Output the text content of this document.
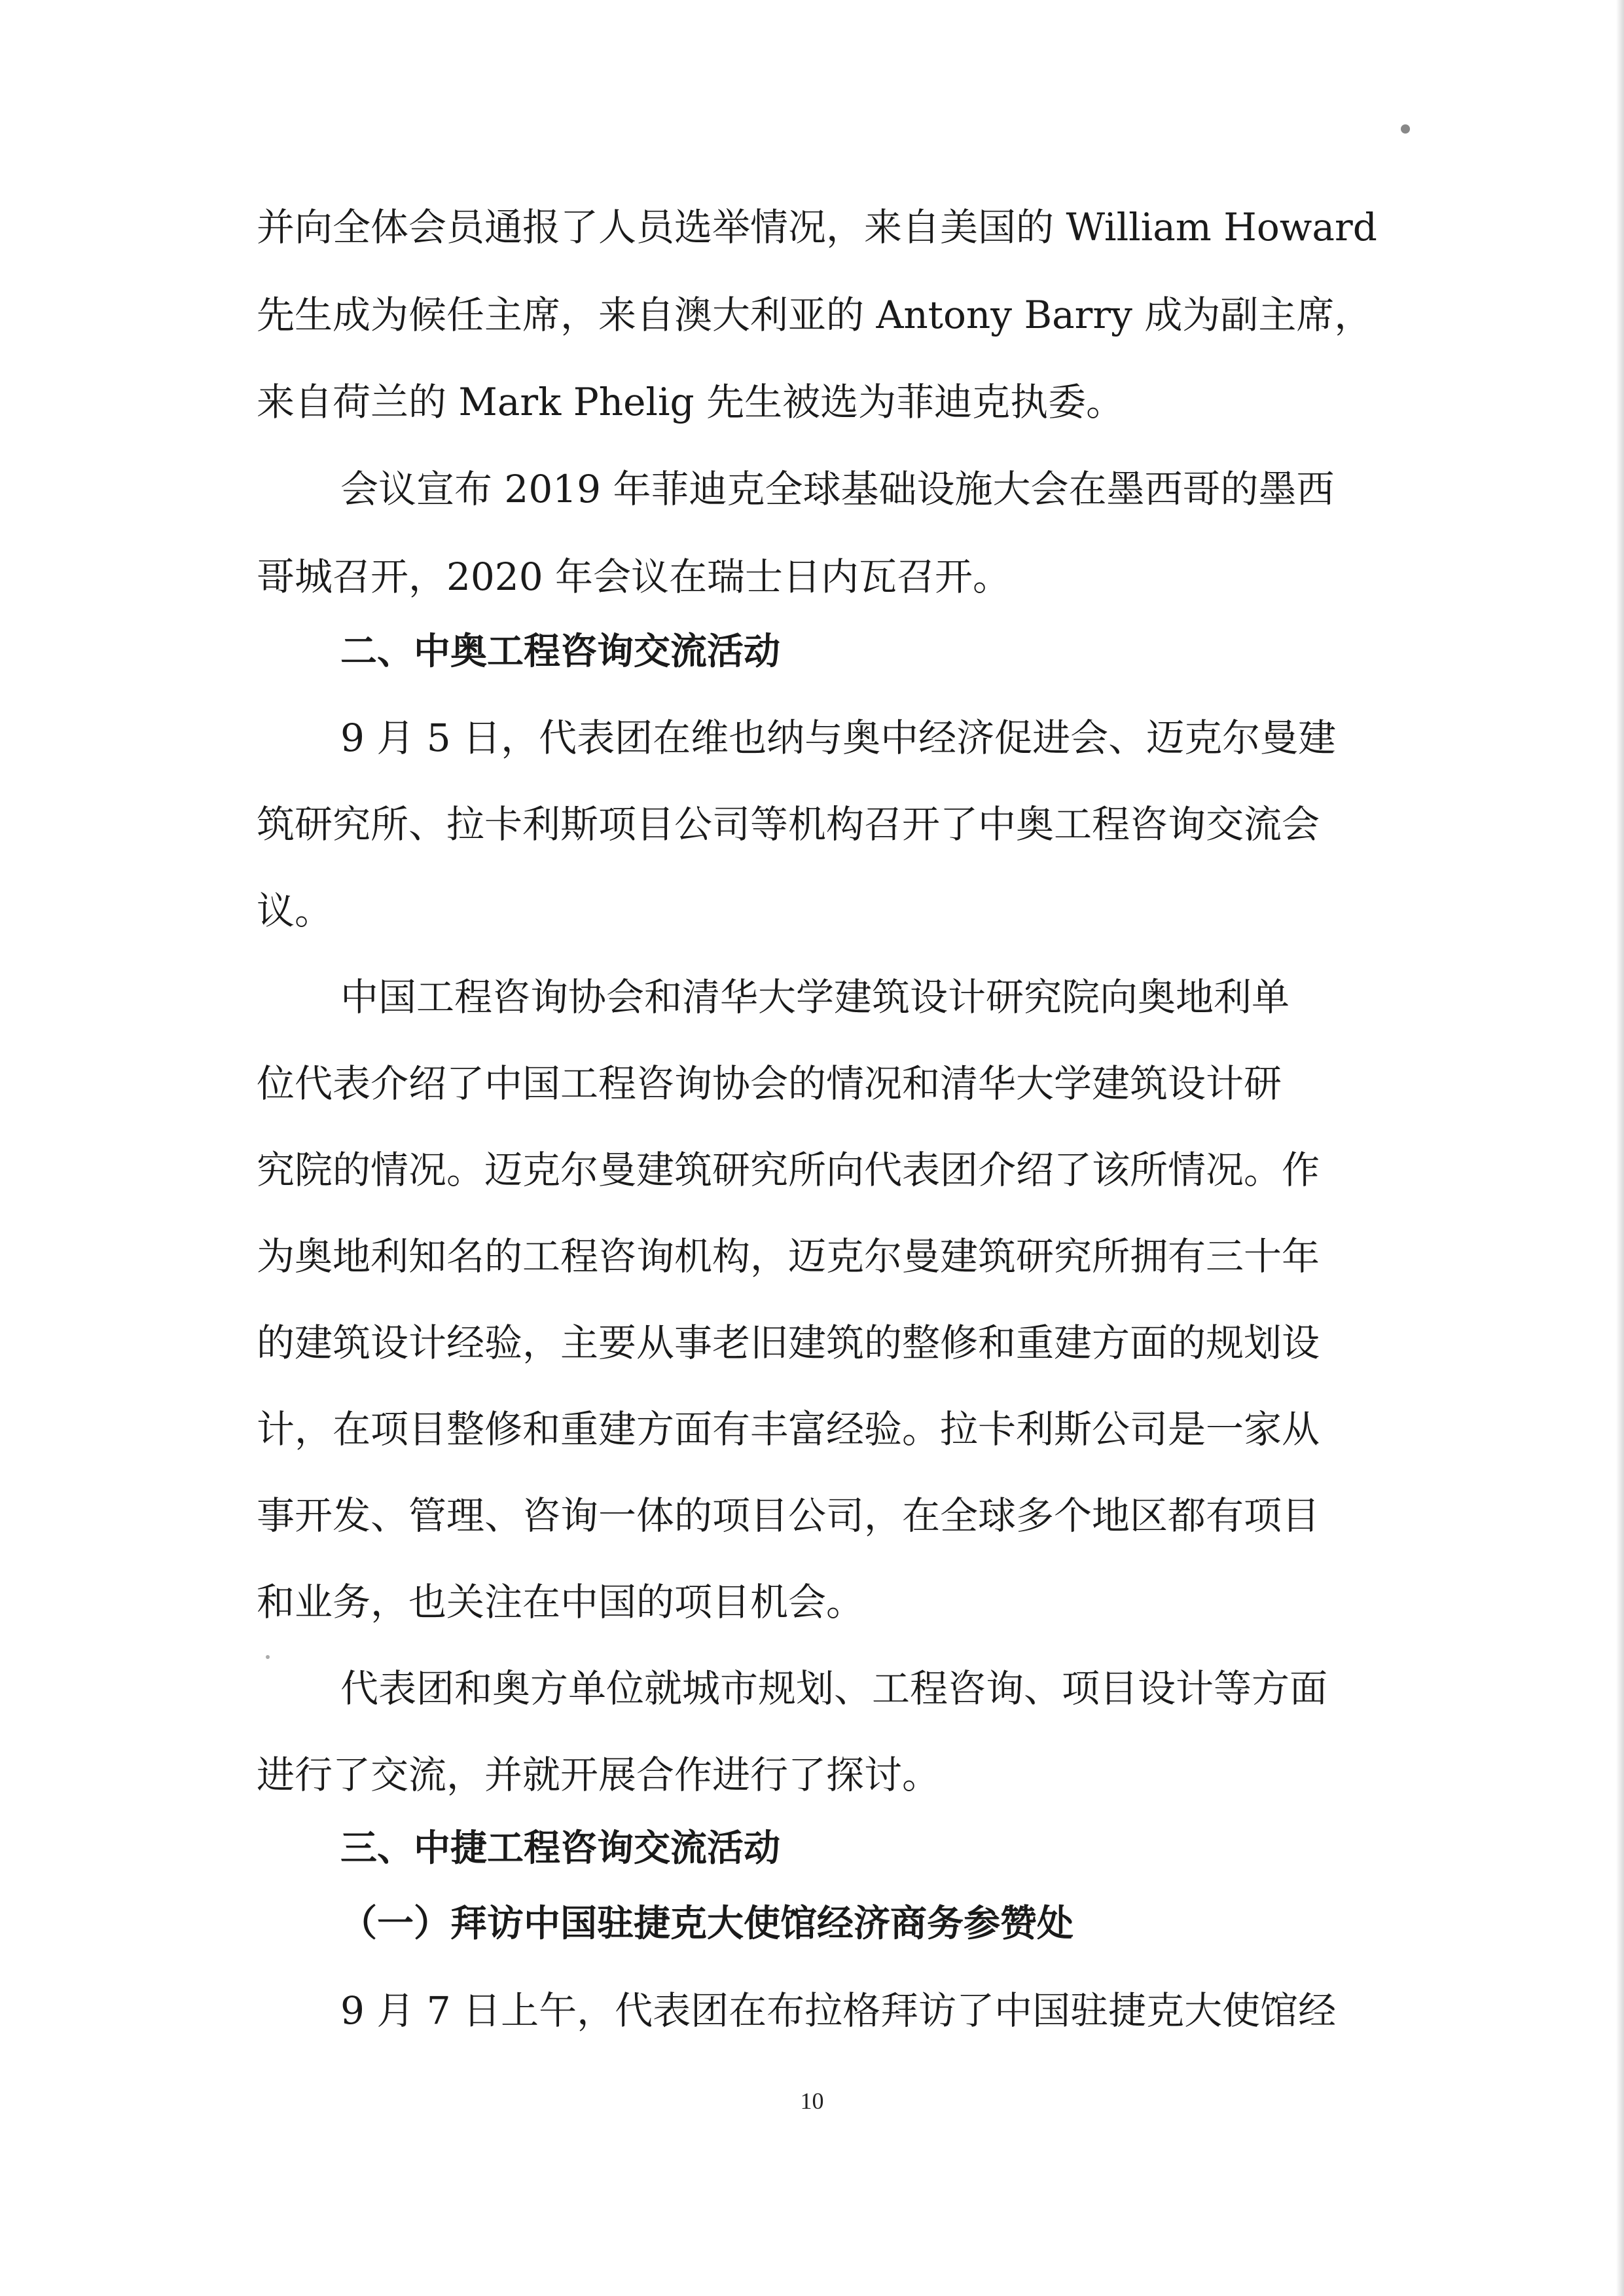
并向全体会员通报了人员选举情况，来自美国的 William Howard
先生成为候任主席，来自澳大利亚的 Antony Barry 成为副主席，
来自荷兰的 Mark Phelig 先生被选为菲迪克执委。
会议宣布 2019 年菲迪克全球基础设施大会在墨西哥的墨西
哥城召开，2020 年会议在瑞士日内瓦召开。
二、中奥工程咨询交流活动
9 月 5 日，代表团在维也纳与奥中经济促进会、迈克尔曼建
筑研究所、拉卡利斯项目公司等机构召开了中奥工程咨询交流会
议。
中国工程咨询协会和清华大学建筑设计研究院向奥地利单
位代表介绍了中国工程咨询协会的情况和清华大学建筑设计研
究院的情况。迈克尔曼建筑研究所向代表团介绍了该所情况。作
为奥地利知名的工程咨询机构，迈克尔曼建筑研究所拥有三十年
的建筑设计经验，主要从事老旧建筑的整修和重建方面的规划设
计，在项目整修和重建方面有丰富经验。拉卡利斯公司是一家从
事开发、管理、咨询一体的项目公司，在全球多个地区都有项目
和业务，也关注在中国的项目机会。
代表团和奥方单位就城市规划、工程咨询、项目设计等方面
进行了交流，并就开展合作进行了探讨。
三、中捷工程咨询交流活动
（一）拜访中国驻捷克大使馆经济商务参赞处
9 月 7 日上午，代表团在布拉格拜访了中国驻捷克大使馆经
10
